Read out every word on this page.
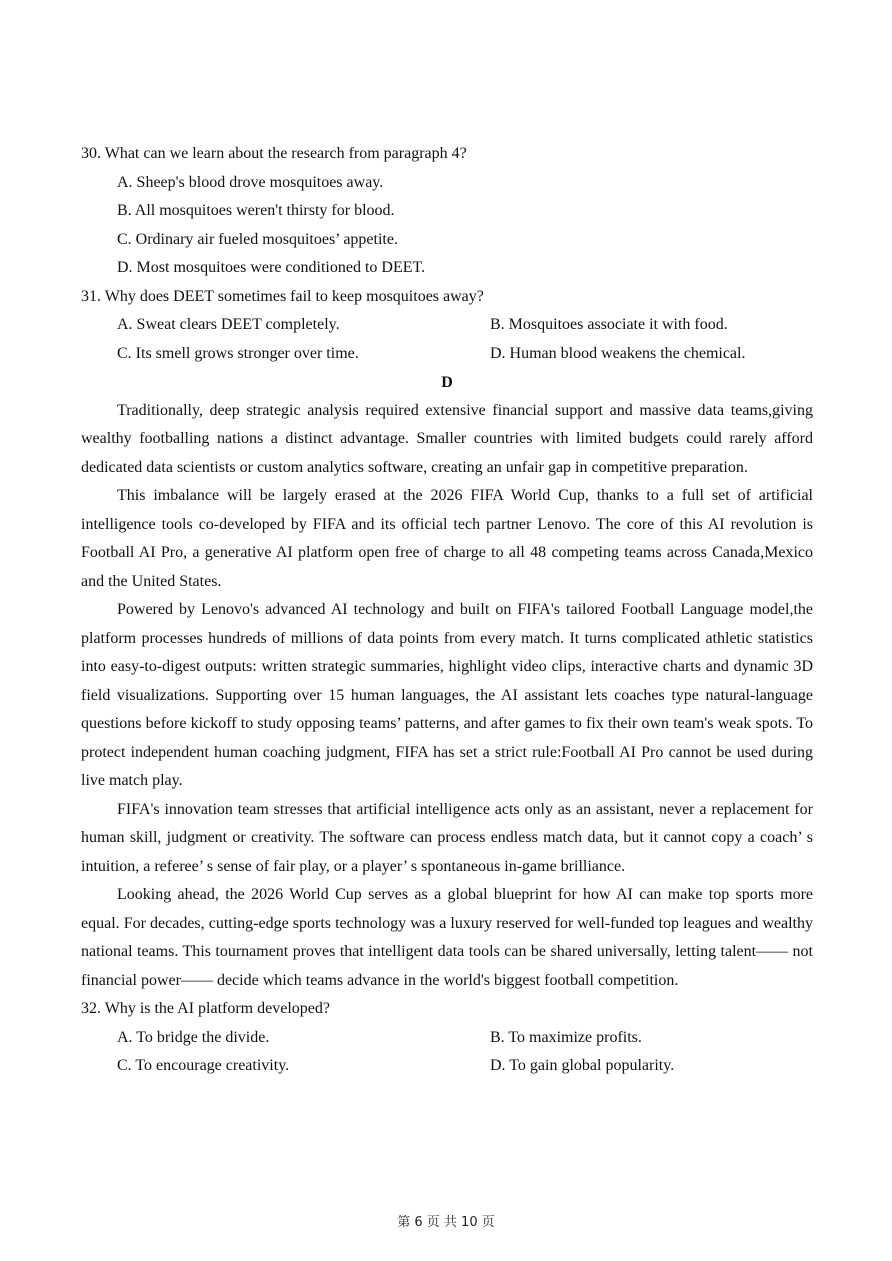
30. What can we learn about the research from paragraph 4?
A. Sheep's blood drove mosquitoes away.
B. All mosquitoes weren't thirsty for blood.
C. Ordinary air fueled mosquitoes’ appetite.
D. Most mosquitoes were conditioned to DEET.
31. Why does DEET sometimes fail to keep mosquitoes away?
A. Sweat clears DEET completely.	B. Mosquitoes associate it with food.
C. Its smell grows stronger over time.	D. Human blood weakens the chemical.
D

Traditionally, deep strategic analysis required extensive financial support and massive data teams,giving wealthy footballing nations a distinct advantage. Smaller countries with limited budgets could rarely afford dedicated data scientists or custom analytics software, creating an unfair gap in competitive preparation.

This imbalance will be largely erased at the 2026 FIFA World Cup, thanks to a full set of artificial intelligence tools co-developed by FIFA and its official tech partner Lenovo. The core of this AI revolution is Football AI Pro, a generative AI platform open free of charge to all 48 competing teams across Canada,Mexico and the United States.

Powered by Lenovo's advanced AI technology and built on FIFA's tailored Football Language model,the platform processes hundreds of millions of data points from every match. It turns complicated athletic statistics into easy-to-digest outputs: written strategic summaries, highlight video clips, interactive charts and dynamic 3D field visualizations. Supporting over 15 human languages, the AI assistant lets coaches type natural-language questions before kickoff to study opposing teams’ patterns, and after games to fix their own team's weak spots. To protect independent human coaching judgment, FIFA has set a strict rule:Football AI Pro cannot be used during live match play.

FIFA's innovation team stresses that artificial intelligence acts only as an assistant, never a replacement for human skill, judgment or creativity. The software can process endless match data, but it cannot copy a coach’ s intuition, a referee’ s sense of fair play, or a player’ s spontaneous in-game brilliance.

Looking ahead, the 2026 World Cup serves as a global blueprint for how AI can make top sports more equal. For decades, cutting-edge sports technology was a luxury reserved for well-funded top leagues and wealthy national teams. This tournament proves that intelligent data tools can be shared universally, letting talent—— not financial power—— decide which teams advance in the world's biggest football competition.

32. Why is the AI platform developed?
A. To bridge the divide.	B. To maximize profits.
C. To encourage creativity.	D. To gain global popularity.
第 6 页 共 10 页
